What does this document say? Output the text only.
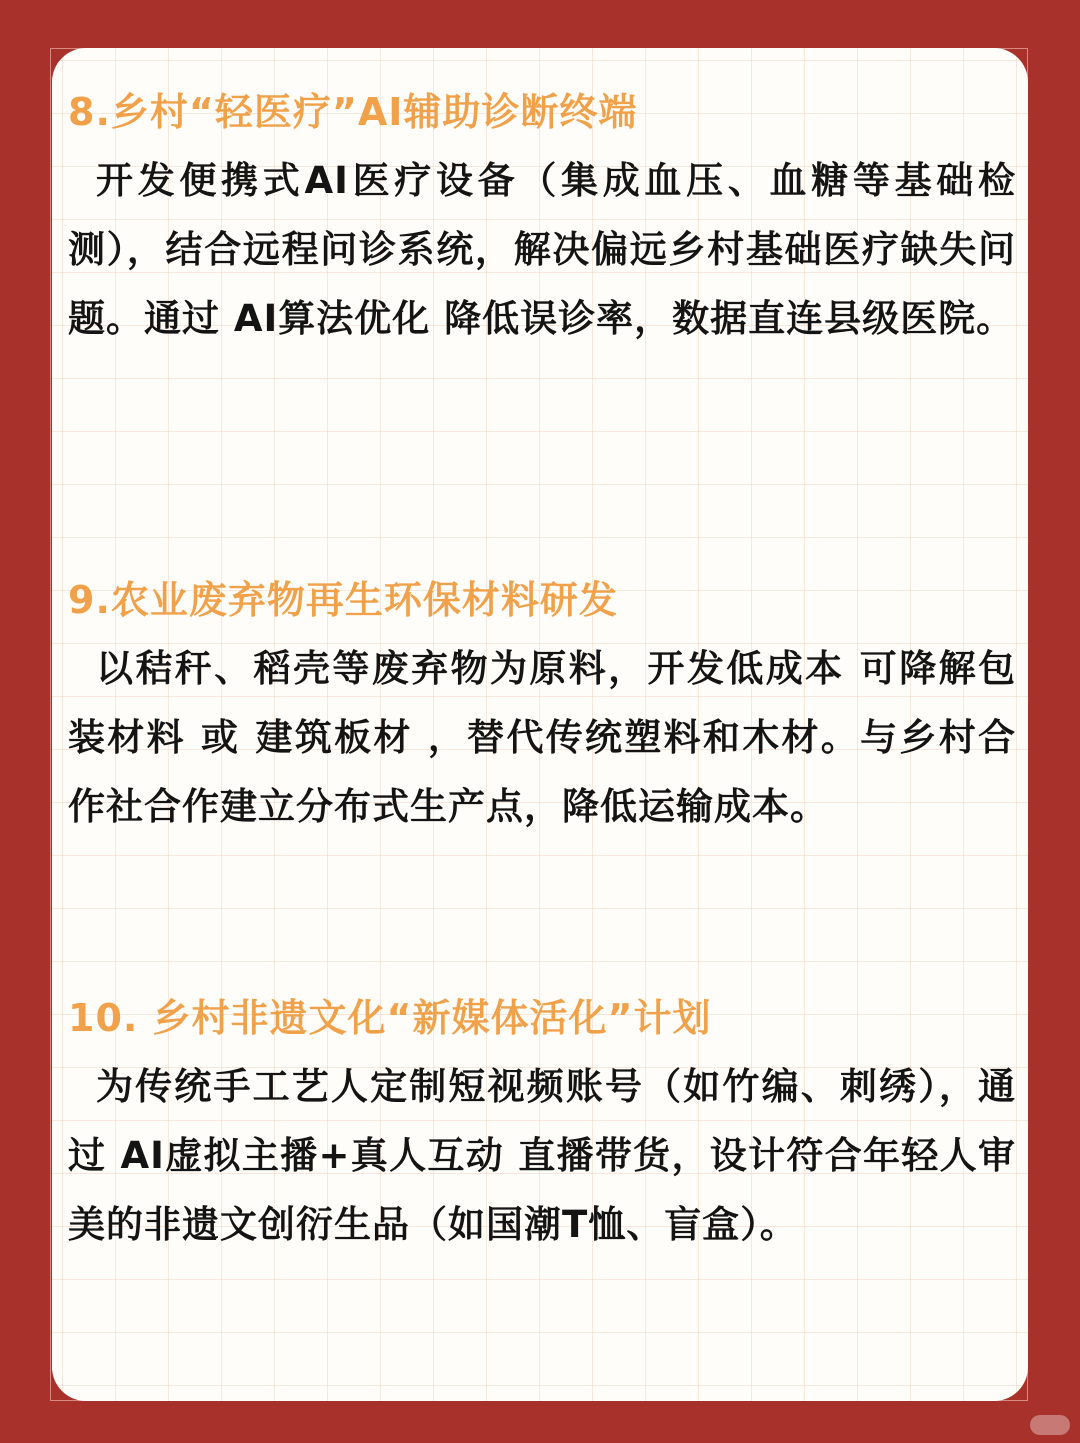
8.乡村“轻医疗”AI辅助诊断终端

开发便携式AI医疗设备（集成血压、血糖等基础检测），结合远程问诊系统，解决偏远乡村基础医疗缺失问题。通过 AI算法优化 降低误诊率，数据直连县级医院。

9.农业废弃物再生环保材料研发

以秸秆、稻壳等废弃物为原料，开发低成本 可降解包装材料 或 建筑板材 ，替代传统塑料和木材。与乡村合作社合作建立分布式生产点，降低运输成本。

10. 乡村非遗文化“新媒体活化”计划

为传统手工艺人定制短视频账号（如竹编、刺绣），通过 AI虚拟主播+真人互动 直播带货，设计符合年轻人审美的非遗文创衍生品（如国潮T恤、盲盒）。
